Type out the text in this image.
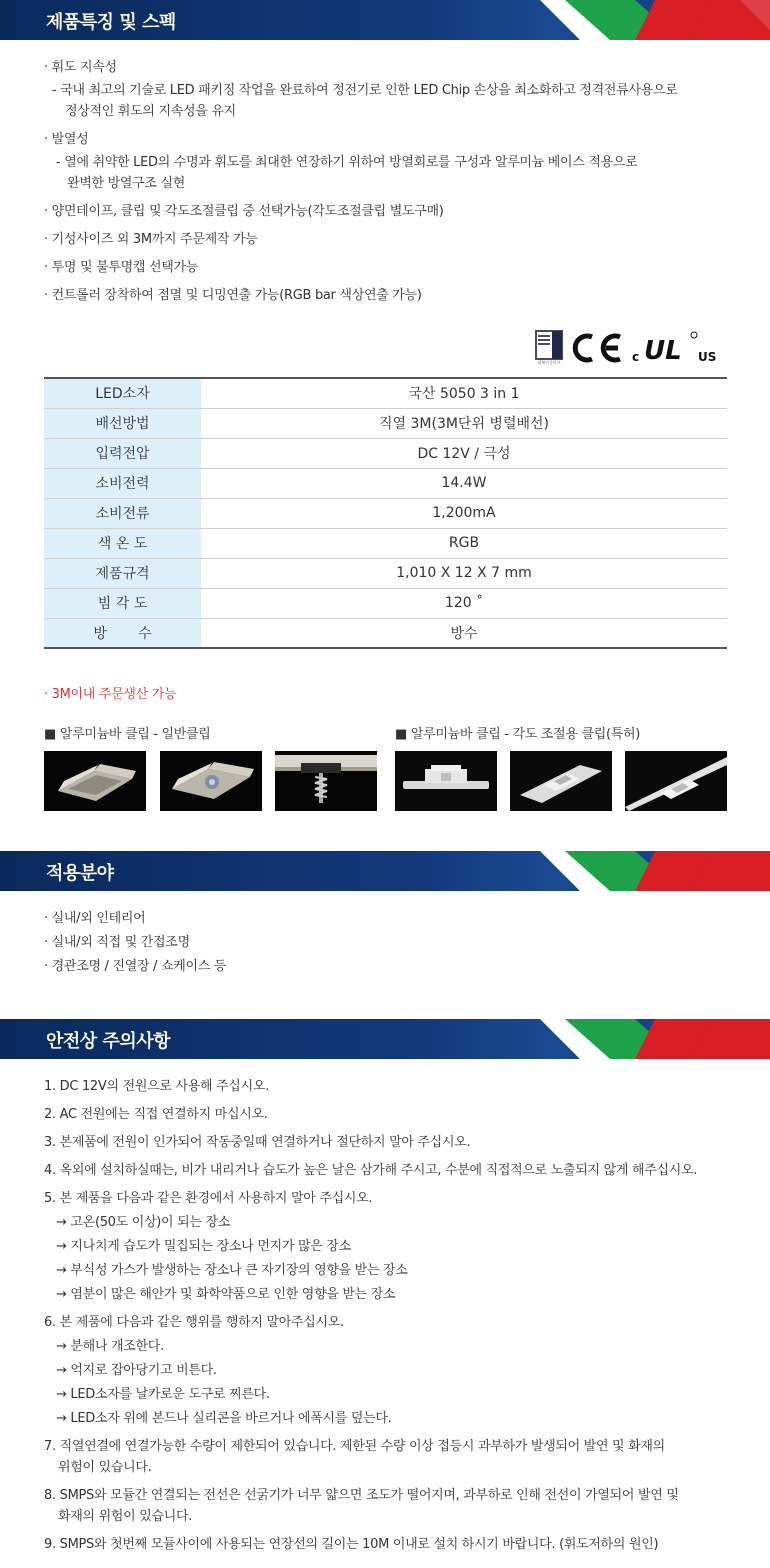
제품특징 및 스펙
· 휘도 지속성
- 국내 최고의 기술로 LED 패키징 작업을 완료하여 정전기로 인한 LED Chip 손상을 최소화하고 정격전류사용으로
정상적인 휘도의 지속성을 유지
· 발열성
- 열에 취약한 LED의 수명과 휘도를 최대한 연장하기 위하여 방열회로를 구성과 알루미늄 베이스 적용으로
완벽한 방열구조 실현
· 양면테이프, 클립 및 각도조절클립 중 선택가능(각도조절클립 별도구매)
· 기성사이즈 외 3M까지 주문제작 가능
· 투명 및 불투명캡 선택가능
· 컨트롤러 장착하여 점멸 및 디밍연출 가능(RGB bar 색상연출 가능)
대체인증마크	c UL US
LED소자	국산 5050 3 in 1
배선방법	직열 3M(3M단위 병렬배선)
입력전압	DC 12V / 극성
소비전력	14.4W
소비전류	1,200mA
색 온 도	RGB
제품규격	1,010 X 12 X 7 mm
빔 각 도	120 ˚
방       수	방수
· 3M이내 주문생산 가능
■ 알루미늄바 클립 - 일반클립	■ 알루미늄바 클립 - 각도 조절용 클립(특허)
적용분야
· 실내/외 인테리어
· 실내/외 직접 및 간접조명
· 경관조명 / 진열장 / 쇼케이스 등
안전상 주의사항
1. DC 12V의 전원으로 사용해 주십시오.
2. AC 전원에는 직접 연결하지 마십시오.
3. 본제품에 전원이 인가되어 작동중일때 연결하거나 절단하지 말아 주십시오.
4. 옥외에 설치하실때는, 비가 내리거나 습도가 높은 날은 삼가해 주시고, 수분에 직접적으로 노출되지 않게 해주십시오.
5. 본 제품을 다음과 같은 환경에서 사용하지 말아 주십시오.
→ 고온(50도 이상)이 되는 장소
→ 지나치게 습도가 밀집되는 장소나 먼지가 많은 장소
→ 부식성 가스가 발생하는 장소나 큰 자기장의 영향을 받는 장소
→ 염분이 많은 해안가 및 화학약품으로 인한 영향을 받는 장소
6. 본 제품에 다음과 같은 행위를 행하지 말아주십시오.
→ 분해나 개조한다.
→ 억지로 잡아당기고 비튼다.
→ LED소자를 날카로운 도구로 찌른다.
→ LED소자 위에 본드나 실리콘을 바르거나 에폭시를 덮는다.
7. 직열연결에 연결가능한 수량이 제한되어 있습니다. 제한된 수량 이상 접등시 과부하가 발생되어 발연 및 화재의
위험이 있습니다.
8. SMPS와 모듈간 연결되는 전선은 선굵기가 너무 얇으면 조도가 떨어지며, 과부하로 인해 전선이 가열되어 발연 및
화재의 위험이 있습니다.
9. SMPS와 첫번째 모듈사이에 사용되는 연장선의 길이는 10M 이내로 설치 하시기 바랍니다. (휘도저하의 원인)
